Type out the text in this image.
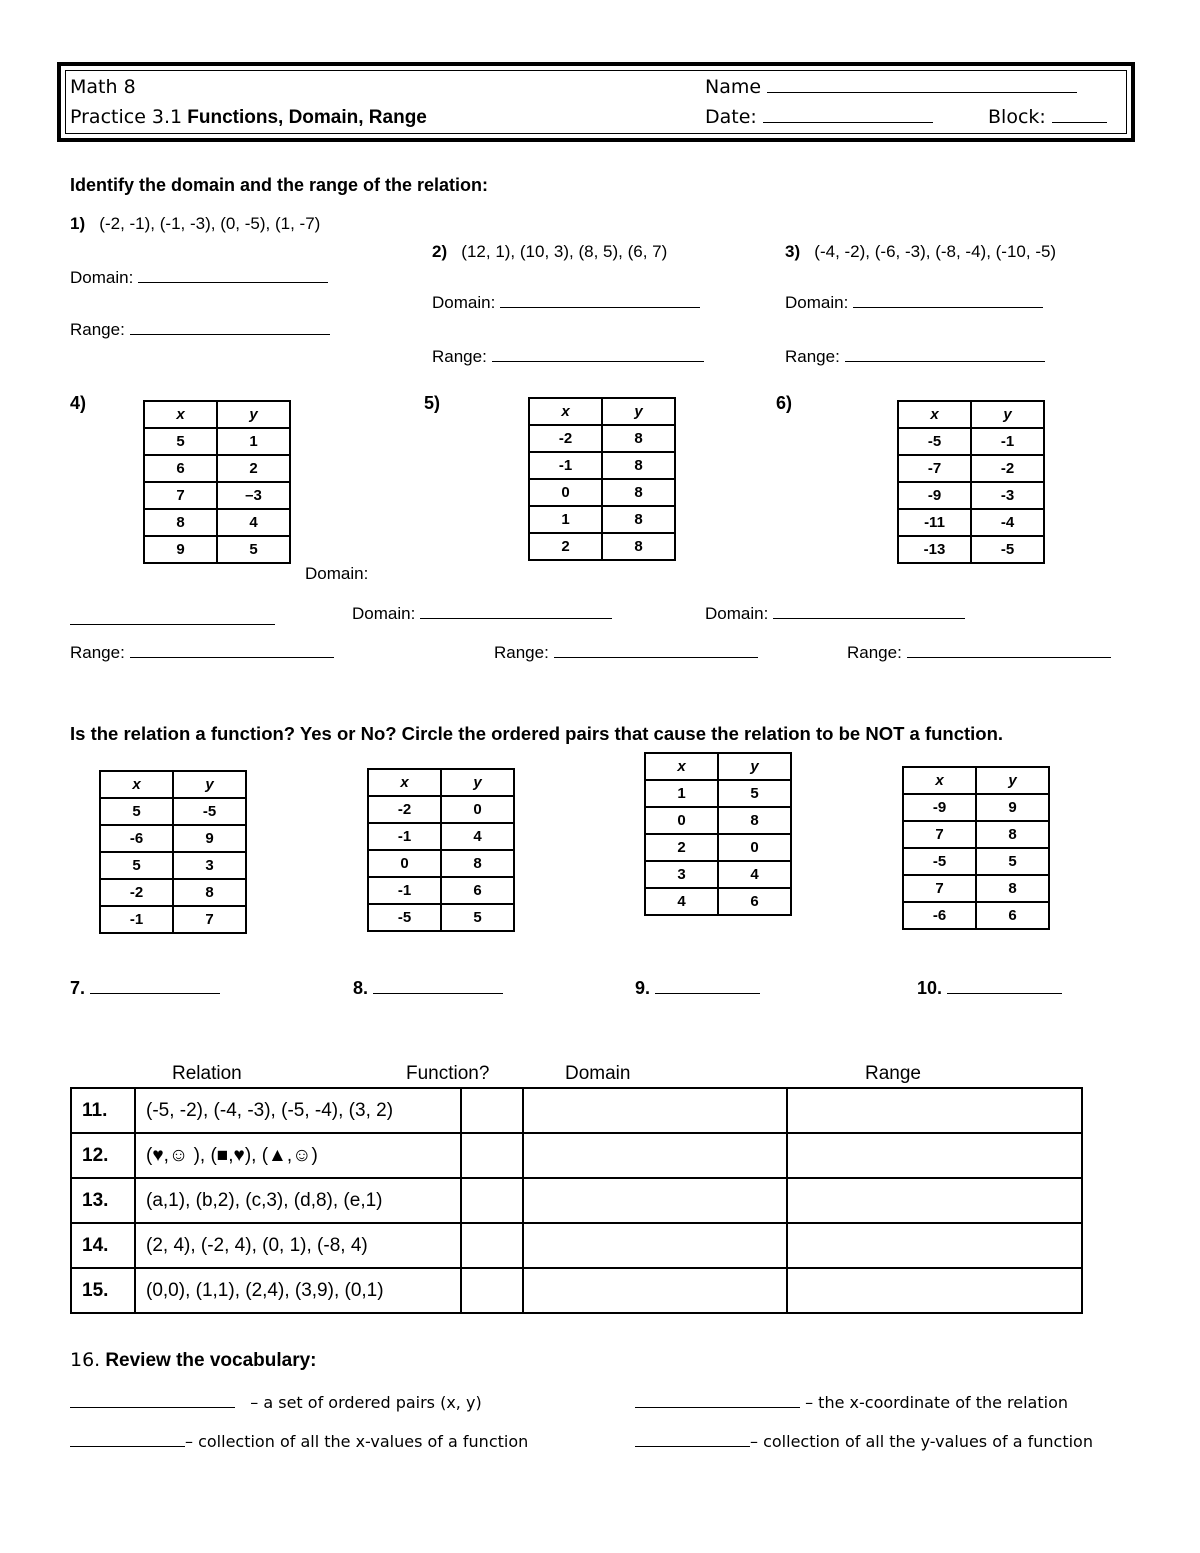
Math 8
Practice 3.1 Functions, Domain, Range
Name
Date:	Block:
Identify the domain and the range of the relation:
1) (-2, -1), (-1, -3), (0, -5), (1, -7)
Domain:
Range:
2) (12, 1), (10, 3), (8, 5), (6, 7)
Domain:
Range:
3) (-4, -2), (-6, -3), (-8, -4), (-10, -5)
Domain:
Range:
4)	5)	6)
x	y
5	1
6	2
7	–3
8	4
9	5
x	y
-2	8
-1	8
0	8
1	8
2	8
x	y
-5	-1
-7	-2
-9	-3
-11	-4
-13	-5
Domain:
Domain:	Domain:
Range:	Range:	Range:
Is the relation a function? Yes or No? Circle the ordered pairs that cause the relation to be NOT a function.
x	y
5	-5
-6	9
5	3
-2	8
-1	7
x	y
-2	0
-1	4
0	8
-1	6
-5	5
x	y
1	5
0	8
2	0
3	4
4	6
x	y
-9	9
7	8
-5	5
7	8
-6	6
7.	8.	9.	10.
Relation	Function?	Domain	Range
11.	(-5, -2), (-4, -3), (-5, -4), (3, 2)			
12.	(♥,☺ ), (■,♥), (▲,☺)			
13.	(a,1), (b,2), (c,3), (d,8), (e,1)			
14.	(2, 4), (-2, 4), (0, 1), (-8, 4)			
15.	(0,0), (1,1), (2,4), (3,9), (0,1)			
16. Review the vocabulary:
– a set of ordered pairs (x, y)	– the x-coordinate of the relation
– collection of all the x-values of a function	– collection of all the y-values of a function
